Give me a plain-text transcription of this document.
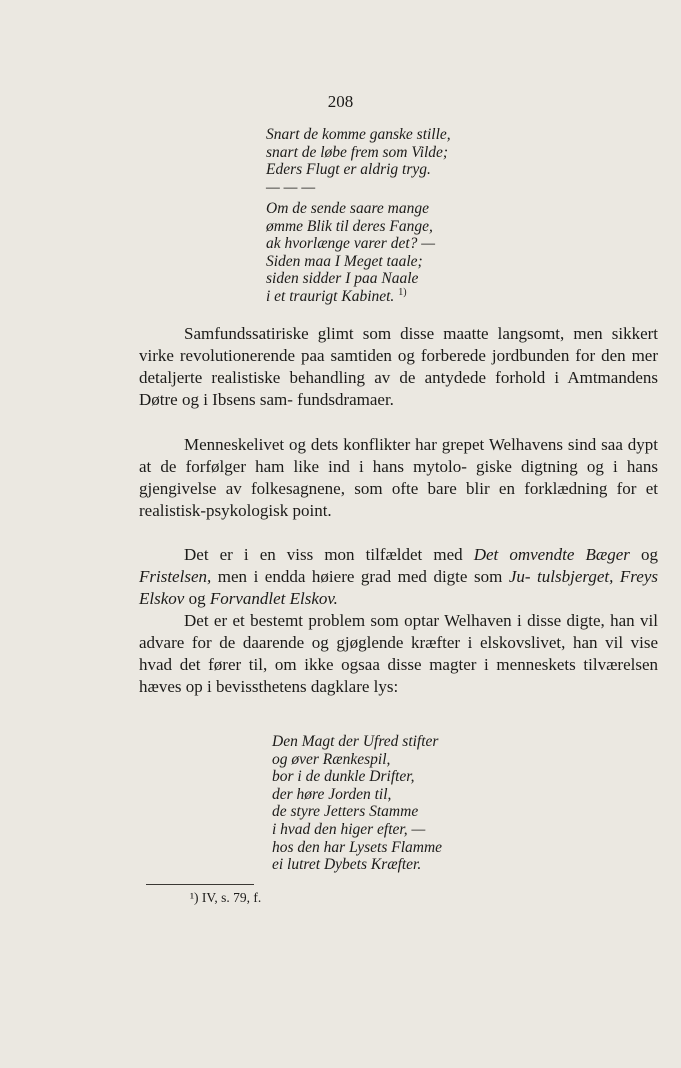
208
Snart de komme ganske stille,
snart de løbe frem som Vilde;
Eders Flugt er aldrig tryg.
— — —
Om de sende saare mange
ømme Blik til deres Fange,
ak hvorlænge varer det? —
Siden maa I Meget taale;
siden sidder I paa Naale
i et traurigt Kabinet. $^{1)}$

Samfundssatiriske glimt som disse maatte langsomt, men sikkert virke revolutionerende paa samtiden og forberede jordbunden for den mer detaljerte realistiske behandling av de antydede forhold i Amtmandens Døtre og i Ibsens sam- fundsdramaer.

Menneskelivet og dets konflikter har grepet Welhavens sind saa dypt at de forfølger ham like ind i hans mytolo- giske digtning og i hans gjengivelse av folkesagnene, som ofte bare blir en forklædning for et realistisk-psykologisk point.

Det er i en viss mon tilfældet med Det omvendte Bæger og Fristelsen, men i endda høiere grad med digte som Ju- tulsbjerget, Freys Elskov og Forvandlet Elskov.

Det er et bestemt problem som optar Welhaven i disse digte, han vil advare for de daarende og gjøglende kræfter i elskovslivet, han vil vise hvad det fører til, om ikke ogsaa disse magter i menneskets tilværelsen hæves op i bevissthetens dagklare lys:

Den Magt der Ufred stifter
og øver Rænkespil,
bor i de dunkle Drifter,
der høre Jorden til,
de styre Jetters Stamme
i hvad den higer efter, —
hos den har Lysets Flamme
ei lutret Dybets Kræfter.
¹) IV, s. 79, f.
